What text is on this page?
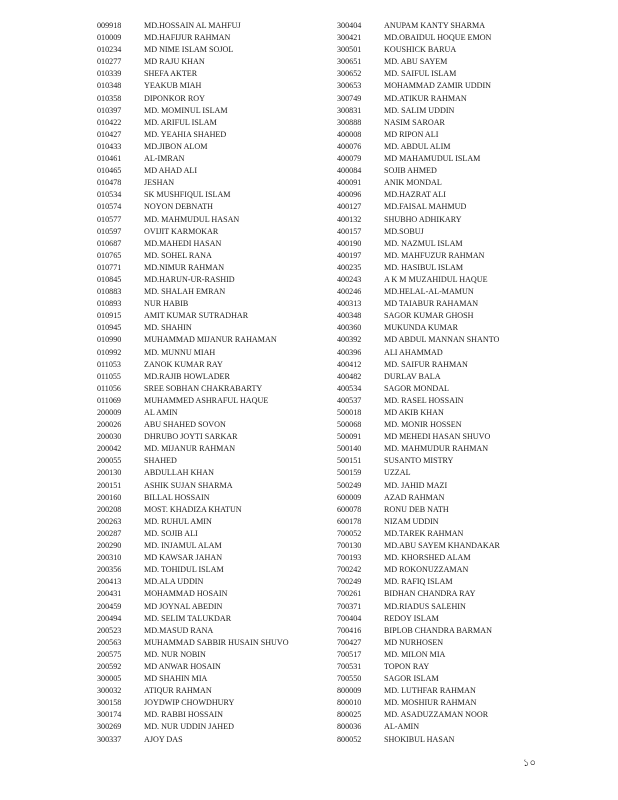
009918	MD.HOSSAIN AL MAHFUJ
010009	MD.HAFIJUR RAHMAN
010234	MD NIME ISLAM SOJOL
010277	MD RAJU KHAN
010339	SHEFA AKTER
010348	YEAKUB MIAH
010358	DIPONKOR ROY
010397	MD. MOMINUL ISLAM
010422	MD. ARIFUL ISLAM
010427	MD. YEAHIA SHAHED
010433	MD.JIBON ALOM
010461	AL-IMRAN
010465	MD AHAD ALI
010478	JESHAN
010534	SK MUSHFIQUL ISLAM
010574	NOYON DEBNATH
010577	MD. MAHMUDUL HASAN
010597	OVIJIT KARMOKAR
010687	MD.MAHEDI HASAN
010765	MD. SOHEL RANA
010771	MD.NIMUR RAHMAN
010845	MD.HARUN-UR-RASHID
010883	MD. SHALAH EMRAN
010893	NUR HABIB
010915	AMIT KUMAR SUTRADHAR
010945	MD. SHAHIN
010990	MUHAMMAD MIJANUR RAHAMAN
010992	MD. MUNNU MIAH
011053	ZANOK KUMAR RAY
011055	MD.RAJIB HOWLADER
011056	SREE SOBHAN CHAKRABARTY
011069	MUHAMMED ASHRAFUL HAQUE
200009	AL AMIN
200026	ABU SHAHED SOVON
200030	DHRUBO JOYTI SARKAR
200042	MD. MIJANUR RAHMAN
200055	SHAHED
200130	ABDULLAH KHAN
200151	ASHIK SUJAN SHARMA
200160	BILLAL HOSSAIN
200208	MOST. KHADIZA KHATUN
200263	MD. RUHUL AMIN
200287	MD. SOJIB ALI
200290	MD. INJAMUL ALAM
200310	MD KAWSAR JAHAN
200356	MD. TOHIDUL ISLAM
200413	MD.ALA UDDIN
200431	MOHAMMAD HOSAIN
200459	MD JOYNAL ABEDIN
200494	MD. SELIM TALUKDAR
200523	MD.MASUD RANA
200563	MUHAMMAD SABBIR HUSAIN SHUVO
200575	MD. NUR NOBIN
200592	MD ANWAR HOSAIN
300005	MD SHAHIN MIA
300032	ATIQUR RAHMAN
300158	JOYDWIP CHOWDHURY
300174	MD. RABBI HOSSAIN
300269	MD. NUR UDDIN JAHED
300337	AJOY DAS
300404	ANUPAM KANTY SHARMA
300421	MD.OBAIDUL HOQUE EMON
300501	KOUSHICK BARUA
300651	MD. ABU SAYEM
300652	MD. SAIFUL ISLAM
300653	MOHAMMAD ZAMIR UDDIN
300749	MD.ATIKUR RAHMAN
300831	MD. SALIM UDDIN
300888	NASIM SAROAR
400008	MD RIPON ALI
400076	MD. ABDUL ALIM
400079	MD MAHAMUDUL ISLAM
400084	SOJIB AHMED
400091	ANIK MONDAL
400096	MD.HAZRAT ALI
400127	MD.FAISAL MAHMUD
400132	SHUBHO ADHIKARY
400157	MD.SOBUJ
400190	MD. NAZMUL ISLAM
400197	MD. MAHFUZUR RAHMAN
400235	MD. HASIBUL ISLAM
400243	A K M MUZAHIDUL HAQUE
400246	MD.HELAL-AL-MAMUN
400313	MD TAIABUR RAHAMAN
400348	SAGOR KUMAR GHOSH
400360	MUKUNDA KUMAR
400392	MD ABDUL MANNAN SHANTO
400396	ALI AHAMMAD
400412	MD. SAIFUR RAHMAN
400482	DURLAV BALA
400534	SAGOR MONDAL
400537	MD. RASEL HOSSAIN
500018	MD AKIB KHAN
500068	MD. MONIR HOSSEN
500091	MD MEHEDI HASAN SHUVO
500140	MD. MAHMUDUR RAHMAN
500151	SUSANTO MISTRY
500159	UZZAL
500249	MD. JAHID MAZI
600009	AZAD RAHMAN
600078	RONU DEB NATH
600178	NIZAM UDDIN
700052	MD.TAREK RAHMAN
700130	MD.ABU SAYEM KHANDAKAR
700193	MD. KHORSHED ALAM
700242	MD ROKONUZZAMAN
700249	MD. RAFIQ ISLAM
700261	BIDHAN CHANDRA RAY
700371	MD.RIADUS SALEHIN
700404	REDOY ISLAM
700416	BIPLOB CHANDRA BARMAN
700427	MD NURHOSEN
700517	MD. MILON MIA
700531	TOPON RAY
700550	SAGOR ISLAM
800009	MD. LUTHFAR RAHMAN
800010	MD. MOSHIUR RAHMAN
800025	MD. ASADUZZAMAN NOOR
800036	AL-AMIN
800052	SHOKIBUL HASAN
১০
